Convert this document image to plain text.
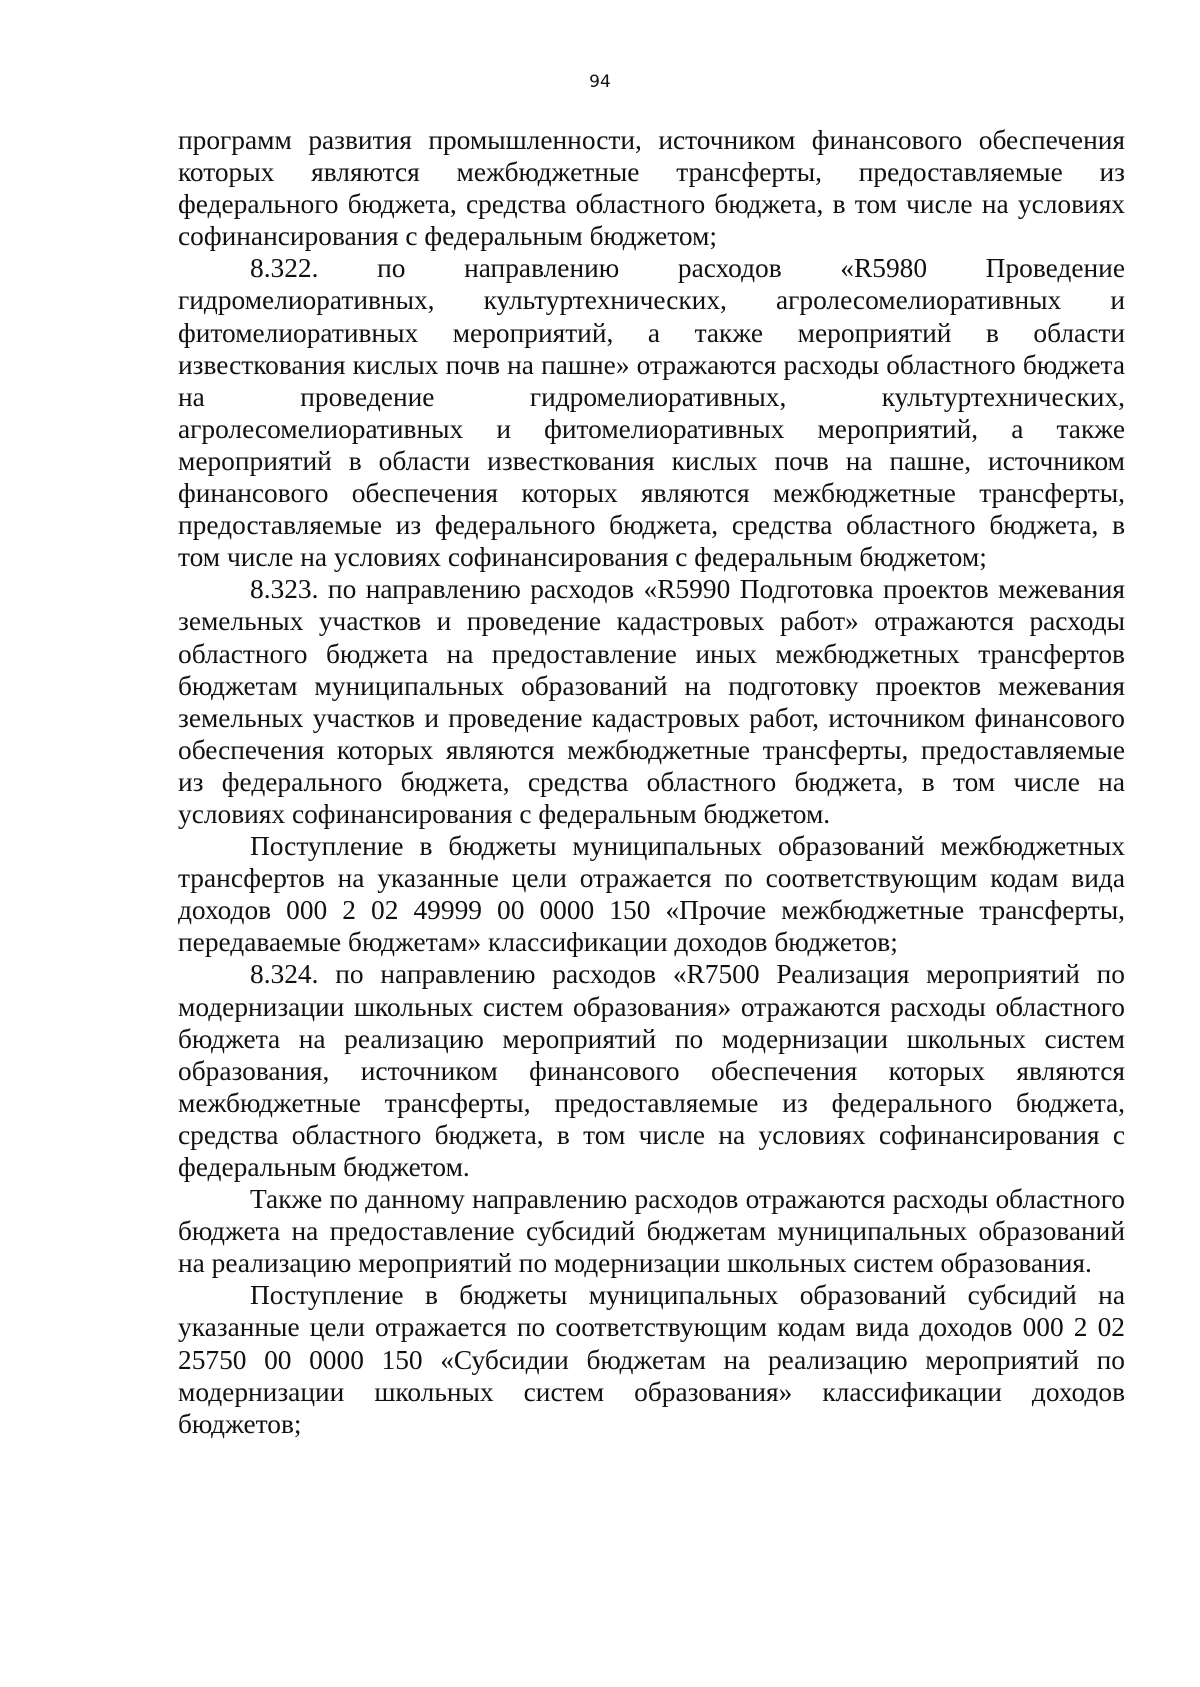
94

программ развития промышленности, источником финансового обеспечения которых являются межбюджетные трансферты, предоставляемые из федерального бюджета, средства областного бюджета, в том числе на условиях софинансирования с федеральным бюджетом;

8.322. по направлению расходов «R5980 Проведение гидромелиоративных, культуртехнических, агролесомелиоративных и фитомелиоративных мероприятий, а также мероприятий в области известкования кислых почв на пашне» отражаются расходы областного бюджета на проведение гидромелиоративных, культуртехнических, агролесомелиоративных и фитомелиоративных мероприятий, а также мероприятий в области известкования кислых почв на пашне, источником финансового обеспечения которых являются межбюджетные трансферты, предоставляемые из федерального бюджета, средства областного бюджета, в том числе на условиях софинансирования с федеральным бюджетом;

8.323. по направлению расходов «R5990 Подготовка проектов межевания земельных участков и проведение кадастровых работ» отражаются расходы областного бюджета на предоставление иных межбюджетных трансфертов бюджетам муниципальных образований на подготовку проектов межевания земельных участков и проведение кадастровых работ, источником финансового обеспечения которых являются межбюджетные трансферты, предоставляемые из федерального бюджета, средства областного бюджета, в том числе на условиях софинансирования с федеральным бюджетом.

Поступление в бюджеты муниципальных образований межбюджетных трансфертов на указанные цели отражается по соответствующим кодам вида доходов 000 2 02 49999 00 0000 150 «Прочие межбюджетные трансферты, передаваемые бюджетам» классификации доходов бюджетов;

8.324. по направлению расходов «R7500 Реализация мероприятий по модернизации школьных систем образования» отражаются расходы областного бюджета на реализацию мероприятий по модернизации школьных систем образования, источником финансового обеспечения которых являются межбюджетные трансферты, предоставляемые из федерального бюджета, средства областного бюджета, в том числе на условиях софинансирования с федеральным бюджетом.

Также по данному направлению расходов отражаются расходы областного бюджета на предоставление субсидий бюджетам муниципальных образований на реализацию мероприятий по модернизации школьных систем образования.

Поступление в бюджеты муниципальных образований субсидий на указанные цели отражается по соответствующим кодам вида доходов 000 2 02 25750 00 0000 150 «Субсидии бюджетам на реализацию мероприятий по модернизации школьных систем образования» классификации доходов бюджетов;
